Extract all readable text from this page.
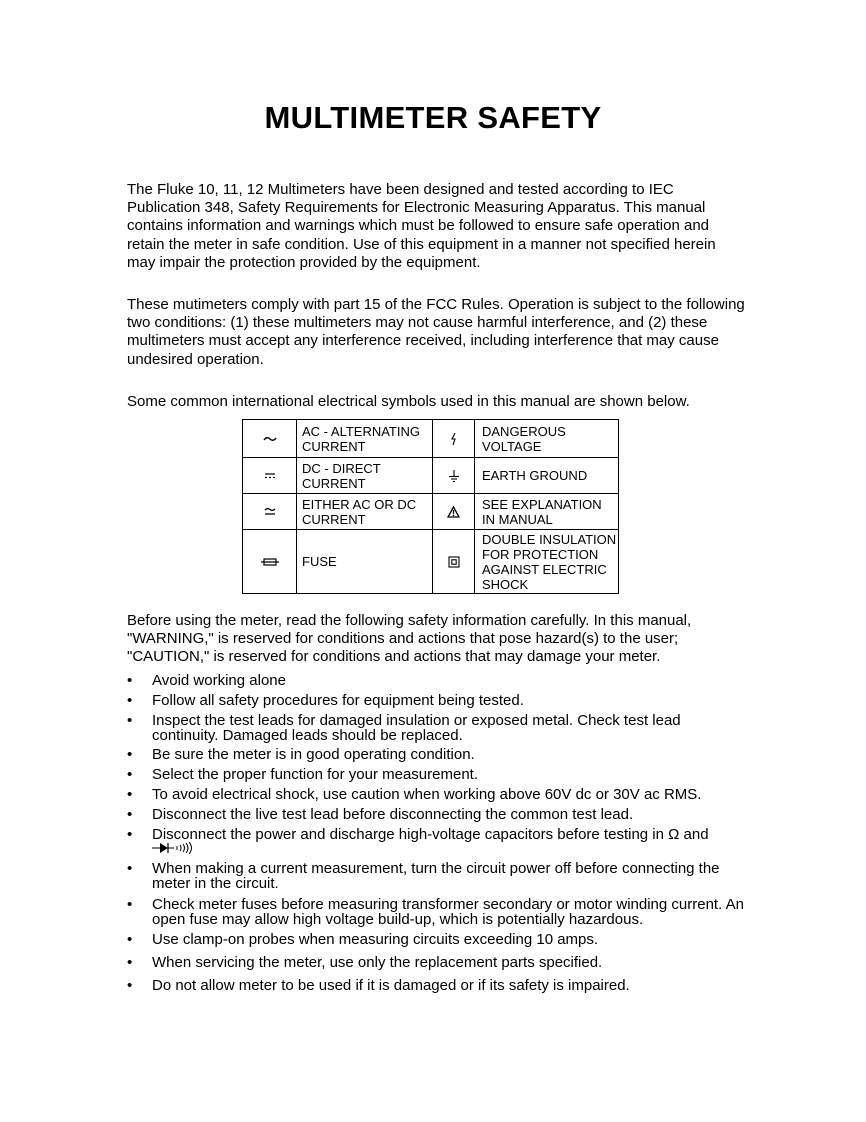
MULTIMETER SAFETY

The Fluke 10, 11, 12 Multimeters have been designed and tested according to IEC Publication 348, Safety Requirements for Electronic Measuring Apparatus. This manual contains information and warnings which must be followed to ensure safe operation and retain the meter in safe condition. Use of this equipment in a manner not specified herein may impair the protection provided by the equipment.

These mutimeters comply with part 15 of the FCC Rules. Operation is subject to the following two conditions: (1) these multimeters may not cause harmful interference, and (2) these multimeters must accept any interference received, including interference that may cause undesired operation.

Some common international electrical symbols used in this manual are shown below.

	AC - ALTERNATING CURRENT		DANGEROUS VOLTAGE

	DC - DIRECT CURRENT		EARTH GROUND

	EITHER AC OR DC CURRENT		SEE EXPLANATION IN MANUAL

	FUSE		DOUBLE INSULATION FOR PROTECTION AGAINST ELECTRIC SHOCK

Before using the meter, read the following safety information carefully. In this manual, "WARNING," is reserved for conditions and actions that pose hazard(s) to the user; "CAUTION," is reserved for conditions and actions that may damage your meter.

• Avoid working alone
• Follow all safety procedures for equipment being tested.
• Inspect the test leads for damaged insulation or exposed metal. Check test lead continuity. Damaged leads should be replaced.
• Be sure the meter is in good operating condition.
• Select the proper function for your measurement.
• To avoid electrical shock, use caution when working above 60V dc or 30V ac RMS.
• Disconnect the live test lead before disconnecting the common test lead.
• Disconnect the power and discharge high-voltage capacitors before testing in Ω and
• When making a current measurement, turn the circuit power off before connecting the meter in the circuit.
• Check meter fuses before measuring transformer secondary or motor winding current. An open fuse may allow high voltage build-up, which is potentially hazardous.
• Use clamp-on probes when measuring circuits exceeding 10 amps.
• When servicing the meter, use only the replacement parts specified.
• Do not allow meter to be used if it is damaged or if its safety is impaired.
